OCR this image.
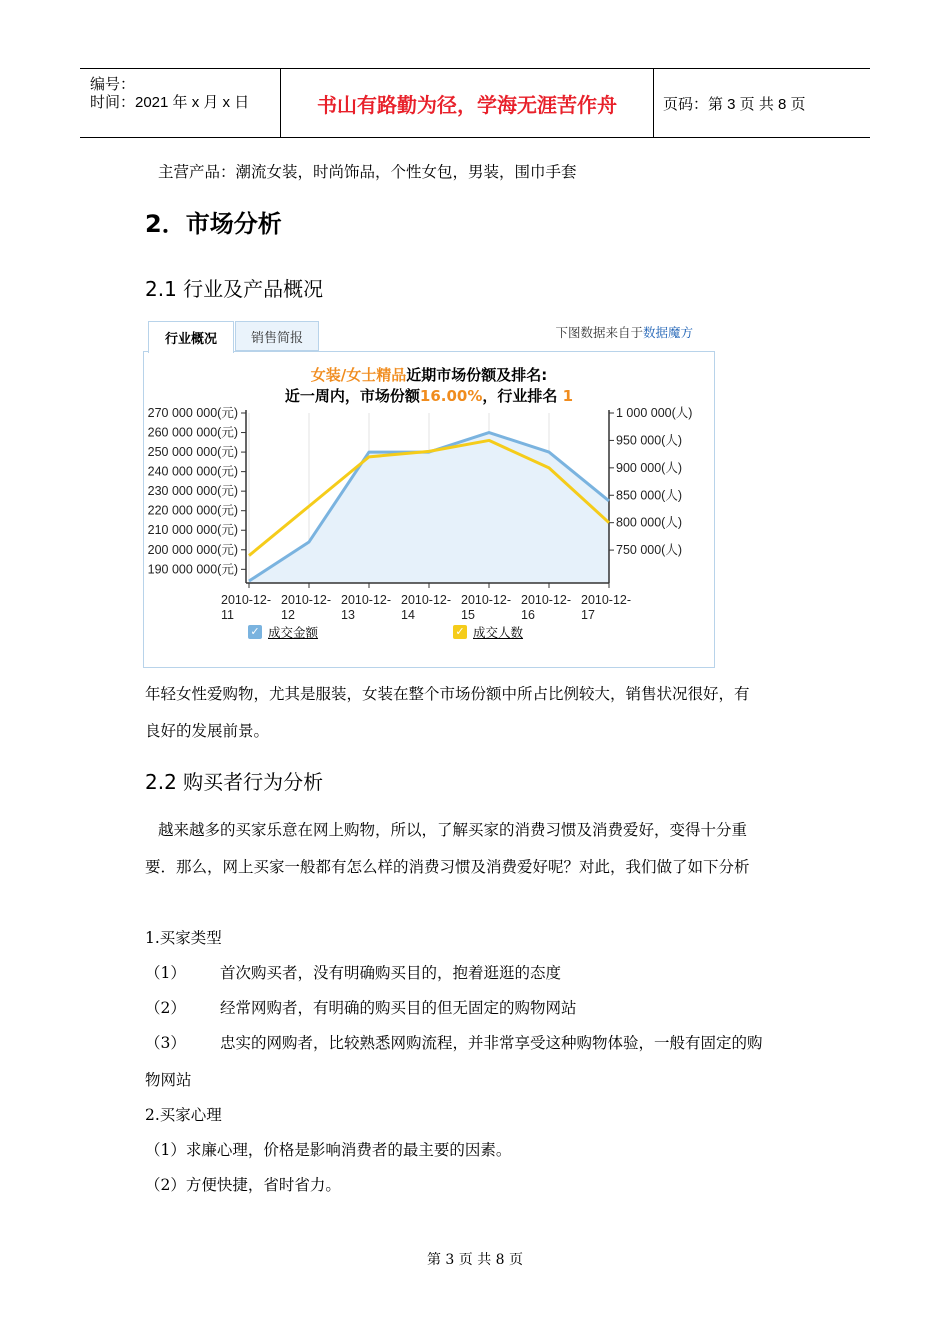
编号：
时间：2021 年 x 月 x 日	书山有路勤为径，学海无涯苦作舟	页码：第 3 页 共 8 页
主营产品：潮流女装，时尚饰品，个性女包，男装，围巾手套
2．市场分析
2.1 行业及产品概况
行业概况	销售简报	下图数据来自于数据魔方
女装/女士精品近期市场份额及排名:
近一周内，市场份额16.00%，行业排名 1
270 000 000(元)
260 000 000(元)
250 000 000(元)
240 000 000(元)
230 000 000(元)
220 000 000(元)
210 000 000(元)
200 000 000(元)
190 000 000(元)
1 000 000(人)
950 000(人)
900 000(人)
850 000(人)
800 000(人)
750 000(人)
2010-12-
11
2010-12-
12
2010-12-
13
2010-12-
14
2010-12-
15
2010-12-
16
2010-12-
17
✓ 成交金额	✓ 成交人数
年轻女性爱购物，尤其是服装，女装在整个市场份额中所占比例较大，销售状况很好，有
良好的发展前景。
2.2 购买者行为分析
越来越多的买家乐意在网上购物，所以，了解买家的消费习惯及消费爱好，变得十分重
要．那么，网上买家一般都有怎么样的消费习惯及消费爱好呢？对此，我们做了如下分析
1.买家类型
（1） 首次购买者，没有明确购买目的，抱着逛逛的态度
（2） 经常网购者，有明确的购买目的但无固定的购物网站
（3） 忠实的网购者，比较熟悉网购流程，并非常享受这种购物体验，一般有固定的购
物网站
2.买家心理
（1）求廉心理，价格是影响消费者的最主要的因素。
（2）方便快捷，省时省力。
第 3 页 共 8 页
